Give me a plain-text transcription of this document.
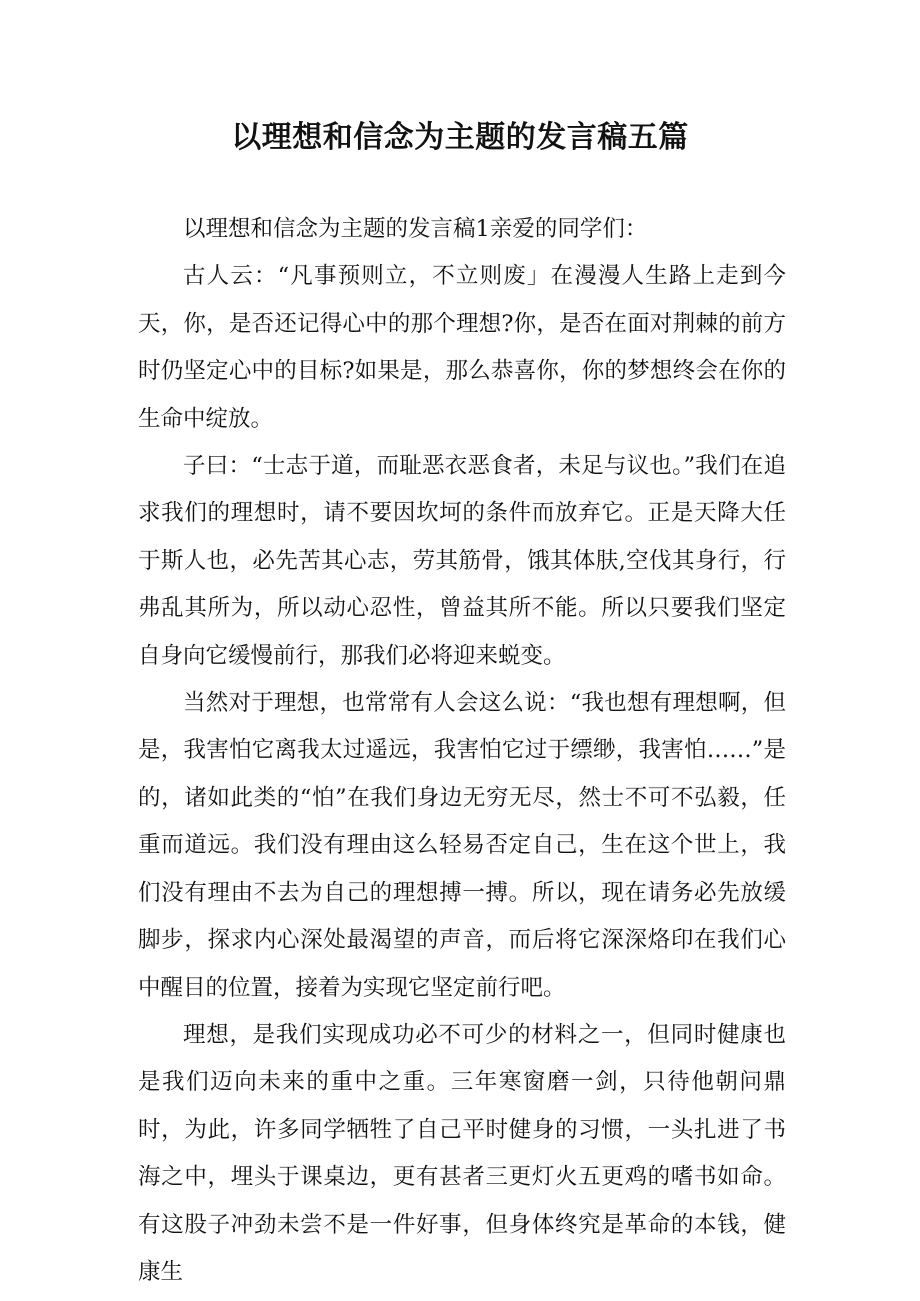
以理想和信念为主题的发言稿五篇

以理想和信念为主题的发言稿1亲爱的同学们：

古人云：“凡事预则立，不立则废」在漫漫人生路上走到今天，你，是否还记得心中的那个理想?你，是否在面对荆棘的前方时仍坚定心中的目标?如果是，那么恭喜你，你的梦想终会在你的生命中绽放。

子曰：“士志于道，而耻恶衣恶食者，未足与议也。”我们在追求我们的理想时，请不要因坎坷的条件而放弃它。正是天降大任于斯人也，必先苦其心志，劳其筋骨，饿其体肤,空伐其身行，行弗乱其所为，所以动心忍性，曾益其所不能。所以只要我们坚定自身向它缓慢前行，那我们必将迎来蜕变。

当然对于理想，也常常有人会这么说：“我也想有理想啊，但是，我害怕它离我太过遥远，我害怕它过于缥缈，我害怕……”是的，诸如此类的“怕”在我们身边无穷无尽，然士不可不弘毅，任重而道远。我们没有理由这么轻易否定自己，生在这个世上，我们没有理由不去为自己的理想搏一搏。所以，现在请务必先放缓脚步，探求内心深处最渴望的声音，而后将它深深烙印在我们心中醒目的位置，接着为实现它坚定前行吧。

理想，是我们实现成功必不可少的材料之一，但同时健康也是我们迈向未来的重中之重。三年寒窗磨一剑，只待他朝问鼎时，为此，许多同学牺牲了自己平时健身的习惯，一头扎进了书海之中，埋头于课桌边，更有甚者三更灯火五更鸡的嗜书如命。有这股子冲劲未尝不是一件好事，但身体终究是革命的本钱，健康生
